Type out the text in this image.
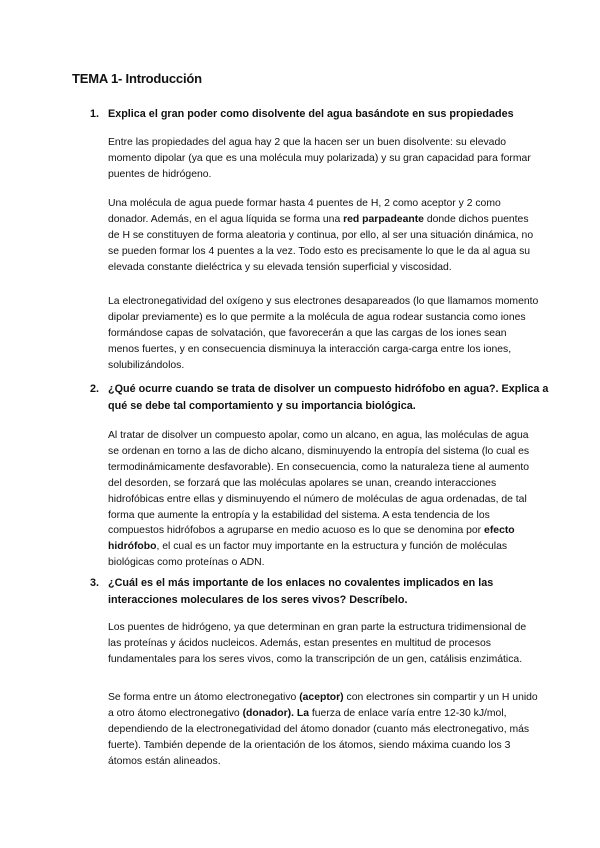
TEMA 1- Introducción
1. Explica el gran poder como disolvente del agua basándote en sus propiedades
Entre las propiedades del agua hay 2 que la hacen ser un buen disolvente: su elevado momento dipolar (ya que es una molécula muy polarizada) y su gran capacidad para formar puentes de hidrógeno.
Una molécula de agua puede formar hasta 4 puentes de H, 2 como aceptor y 2 como donador. Además, en el agua líquida se forma una red parpadeante donde dichos puentes de H se constituyen de forma aleatoria y continua, por ello, al ser una situación dinámica, no se pueden formar los 4 puentes a la vez. Todo esto es precisamente lo que le da al agua su elevada constante dieléctrica y su elevada tensión superficial y viscosidad.
La electronegatividad del oxígeno y sus electrones desapareados (lo que llamamos momento dipolar previamente) es lo que permite a la molécula de agua rodear sustancia como iones formándose capas de solvatación, que favorecerán a que las cargas de los iones sean menos fuertes, y en consecuencia disminuya la interacción carga-carga entre los iones, solubilizándolos.
2. ¿Qué ocurre cuando se trata de disolver un compuesto hidrófobo en agua?. Explica a qué se debe tal comportamiento y su importancia biológica.
Al tratar de disolver un compuesto apolar, como un alcano, en agua, las moléculas de agua se ordenan en torno a las de dicho alcano, disminuyendo la entropía del sistema (lo cual es termodinámicamente desfavorable). En consecuencia, como la naturaleza tiene al aumento del desorden, se forzará que las moléculas apolares se unan, creando interacciones hidrofóbicas entre ellas y disminuyendo el número de moléculas de agua ordenadas, de tal forma que aumente la entropía y la estabilidad del sistema. A esta tendencia de los compuestos hidrófobos a agruparse en medio acuoso es lo que se denomina por efecto hidrófobo, el cual es un factor muy importante en la estructura y función de moléculas biológicas como proteínas o ADN.
3. ¿Cuál es el más importante de los enlaces no covalentes implicados en las interacciones moleculares de los seres vivos? Descríbelo.
Los puentes de hidrógeno, ya que determinan en gran parte la estructura tridimensional de las proteínas y ácidos nucleicos. Además, estan presentes en multitud de procesos fundamentales para los seres vivos, como la transcripción de un gen, catálisis enzimática.
Se forma entre un átomo electronegativo (aceptor) con electrones sin compartir y un H unido a otro átomo electronegativo (donador). La fuerza de enlace varía entre 12-30 kJ/mol, dependiendo de la electronegatividad del átomo donador (cuanto más electronegativo, más fuerte). También depende de la orientación de los átomos, siendo máxima cuando los 3 átomos están alineados.
